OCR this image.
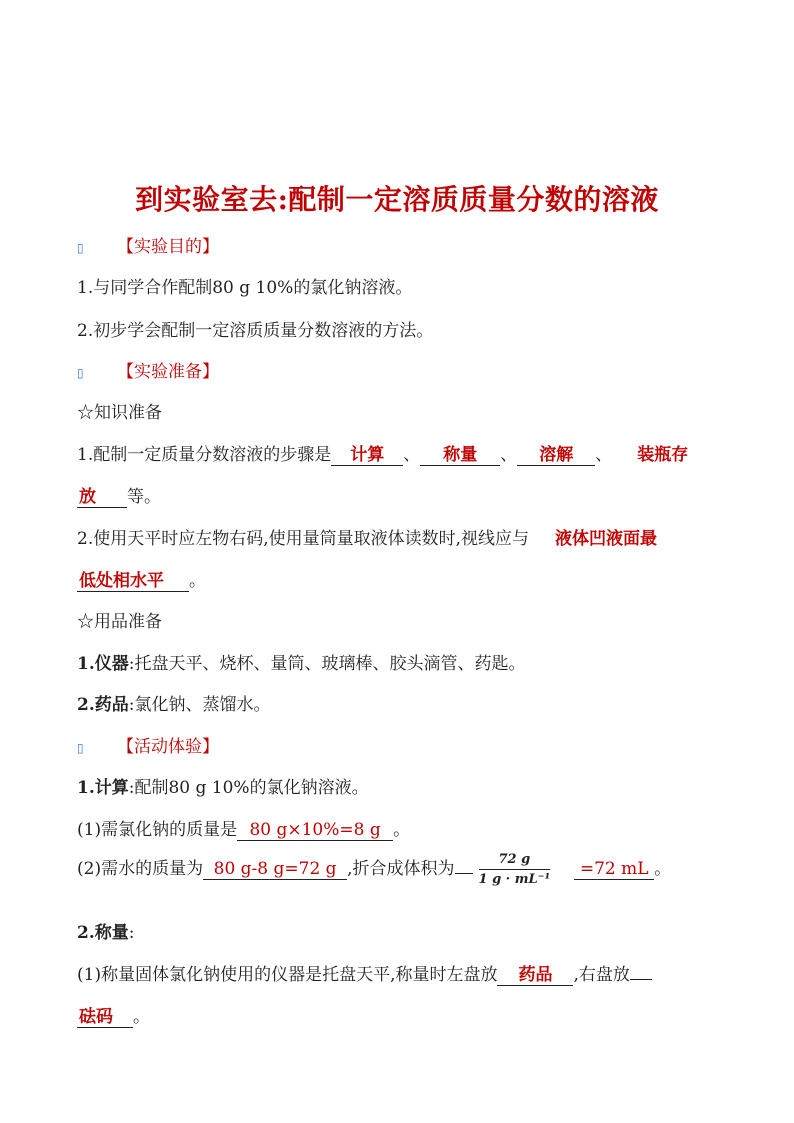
到实验室去:配制一定溶质质量分数的溶液
▯ 【实验目的】
1.与同学合作配制80 g 10%的氯化钠溶液。
2.初步学会配制一定溶质质量分数溶液的方法。
▯ 【实验准备】
☆知识准备
1.配制一定质量分数溶液的步骤是 计算 、 称量 、 溶解 、 装瓶存
放 等。
2.使用天平时应左物右码,使用量筒量取液体读数时,视线应与 液体凹液面最
低处相水平 。
☆用品准备
1.仪器:托盘天平、烧杯、量筒、玻璃棒、胶头滴管、药匙。
2.药品:氯化钠、蒸馏水。
▯ 【活动体验】
1.计算:配制80 g 10%的氯化钠溶液。
(1)需氯化钠的质量是 80 g×10%=8 g 。
(2)需水的质量为 80 g-8 g=72 g ,折合成体积为 $\frac{72 g}{\text{1 g · mL⁻¹}} =72$ mL 。
2.称量:
(1)称量固体氯化钠使用的仪器是托盘天平,称量时左盘放 药品 ,右盘放
砝码 。
